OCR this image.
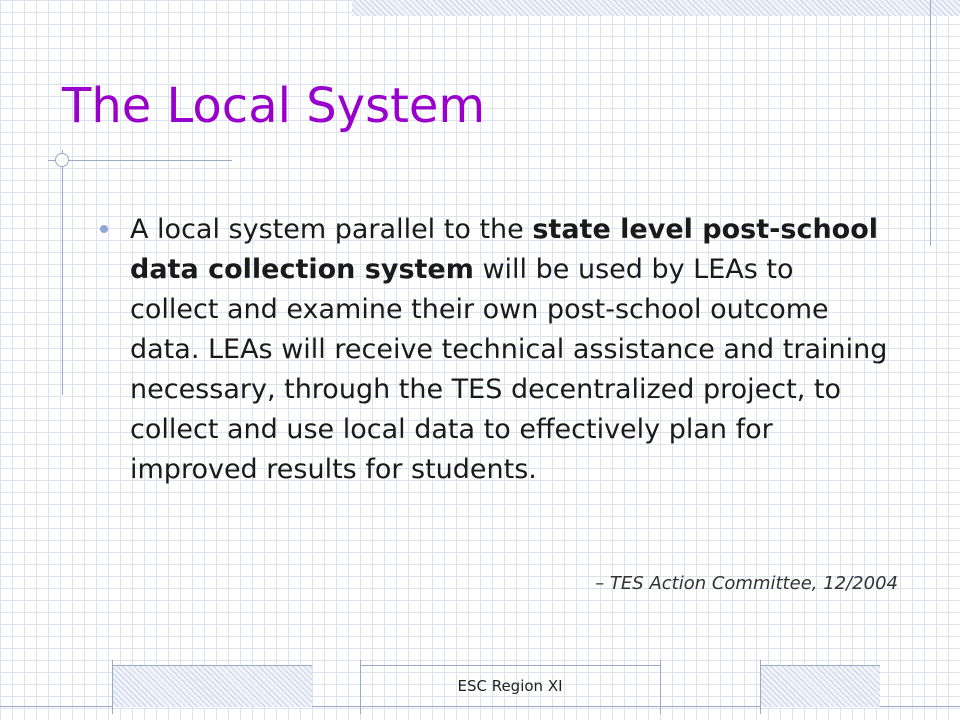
The Local System
A local system parallel to the state level post-school data collection system will be used by LEAs to collect and examine their own post-school outcome data. LEAs will receive technical assistance and training necessary, through the TES decentralized project, to collect and use local data to effectively plan for improved results for students.
– TES Action Committee, 12/2004
ESC Region XI
